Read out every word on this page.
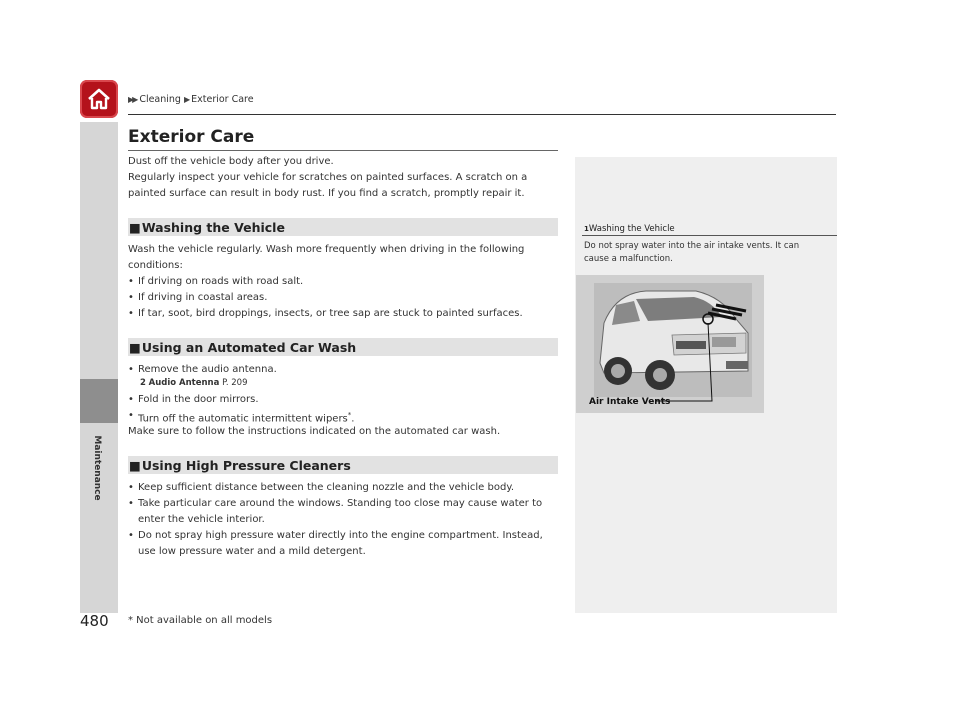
▶▶ Cleaning ▶ Exterior Care
Maintenance
Exterior Care
Dust off the vehicle body after you drive.
Regularly inspect your vehicle for scratches on painted surfaces. A scratch on a
painted surface can result in body rust. If you find a scratch, promptly repair it.
■ Washing the Vehicle
Wash the vehicle regularly. Wash more frequently when driving in the following
conditions:
• If driving on roads with road salt.
• If driving in coastal areas.
• If tar, soot, bird droppings, insects, or tree sap are stuck to painted surfaces.
■ Using an Automated Car Wash
• Remove the audio antenna.
2 Audio Antenna P. 209
• Fold in the door mirrors.
• Turn off the automatic intermittent wipers*.
Make sure to follow the instructions indicated on the automated car wash.
■ Using High Pressure Cleaners
• Keep sufficient distance between the cleaning nozzle and the vehicle body.
• Take particular care around the windows. Standing too close may cause water to
enter the vehicle interior.
• Do not spray high pressure water directly into the engine compartment. Instead,
use low pressure water and a mild detergent.
1Washing the Vehicle
Do not spray water into the air intake vents. It can
cause a malfunction.
Air Intake Vents
480 * Not available on all models
